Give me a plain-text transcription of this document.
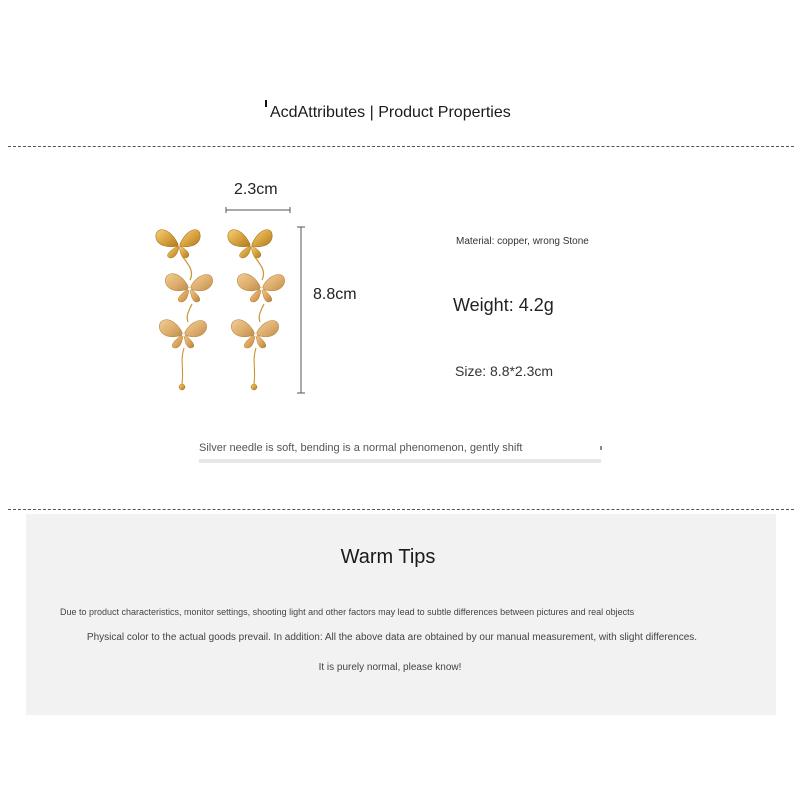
AcdAttributes | Product Properties
2.3cm
8.8cm
Material: copper, wrong Stone
Weight: 4.2g
Size: 8.8*2.3cm
Silver needle is soft, bending is a normal phenomenon, gently shift
Warm Tips
Due to product characteristics, monitor settings, shooting light and other factors may lead to subtle differences between pictures and real objects
Physical color to the actual goods prevail. In addition: All the above data are obtained by our manual measurement, with slight differences.
It is purely normal, please know!
